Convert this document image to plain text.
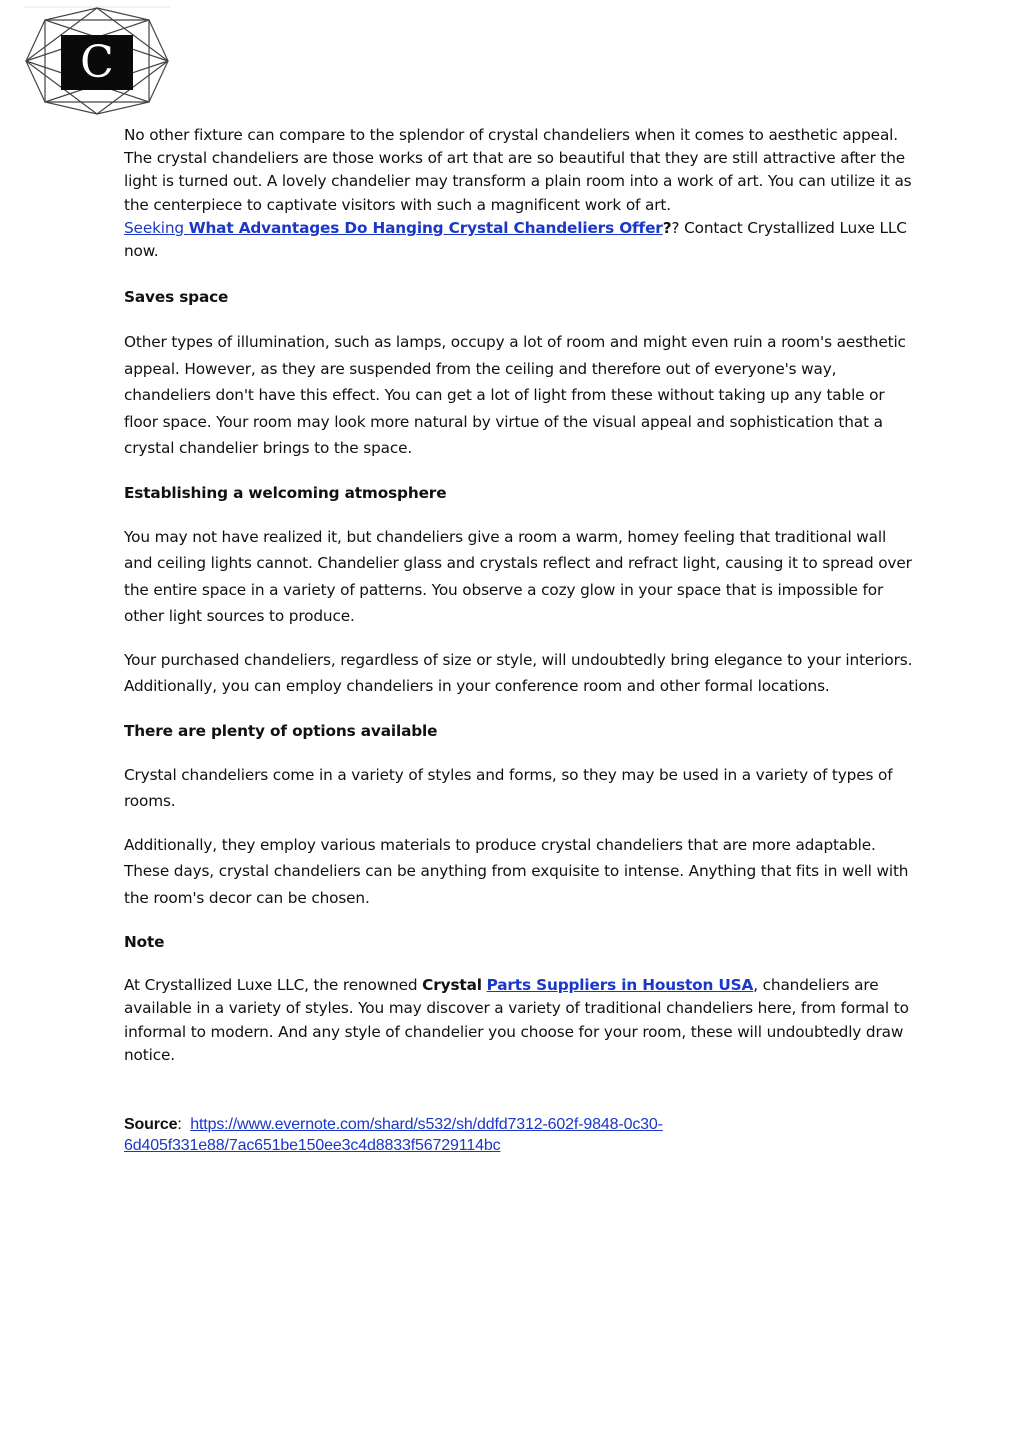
C

No other fixture can compare to the splendor of crystal chandeliers when it comes to aesthetic appeal. The crystal chandeliers are those works of art that are so beautiful that they are still attractive after the light is turned out. A lovely chandelier may transform a plain room into a work of art. You can utilize it as the centerpiece to captivate visitors with such a magnificent work of art.
Seeking What Advantages Do Hanging Crystal Chandeliers Offer?? Contact Crystallized Luxe LLC now.

Saves space

Other types of illumination, such as lamps, occupy a lot of room and might even ruin a room's aesthetic appeal. However, as they are suspended from the ceiling and therefore out of everyone's way, chandeliers don't have this effect. You can get a lot of light from these without taking up any table or floor space. Your room may look more natural by virtue of the visual appeal and sophistication that a crystal chandelier brings to the space.

Establishing a welcoming atmosphere

You may not have realized it, but chandeliers give a room a warm, homey feeling that traditional wall and ceiling lights cannot. Chandelier glass and crystals reflect and refract light, causing it to spread over the entire space in a variety of patterns. You observe a cozy glow in your space that is impossible for other light sources to produce.

Your purchased chandeliers, regardless of size or style, will undoubtedly bring elegance to your interiors. Additionally, you can employ chandeliers in your conference room and other formal locations.

There are plenty of options available

Crystal chandeliers come in a variety of styles and forms, so they may be used in a variety of types of rooms.

Additionally, they employ various materials to produce crystal chandeliers that are more adaptable. These days, crystal chandeliers can be anything from exquisite to intense. Anything that fits in well with the room's decor can be chosen.

Note

At Crystallized Luxe LLC, the renowned Crystal Parts Suppliers in Houston USA, chandeliers are available in a variety of styles. You may discover a variety of traditional chandeliers here, from formal to informal to modern. And any style of chandelier you choose for your room, these will undoubtedly draw notice.

Source: https://www.evernote.com/shard/s532/sh/ddfd7312-602f-9848-0c30-6d405f331e88/7ac651be150ee3c4d8833f56729114bc
